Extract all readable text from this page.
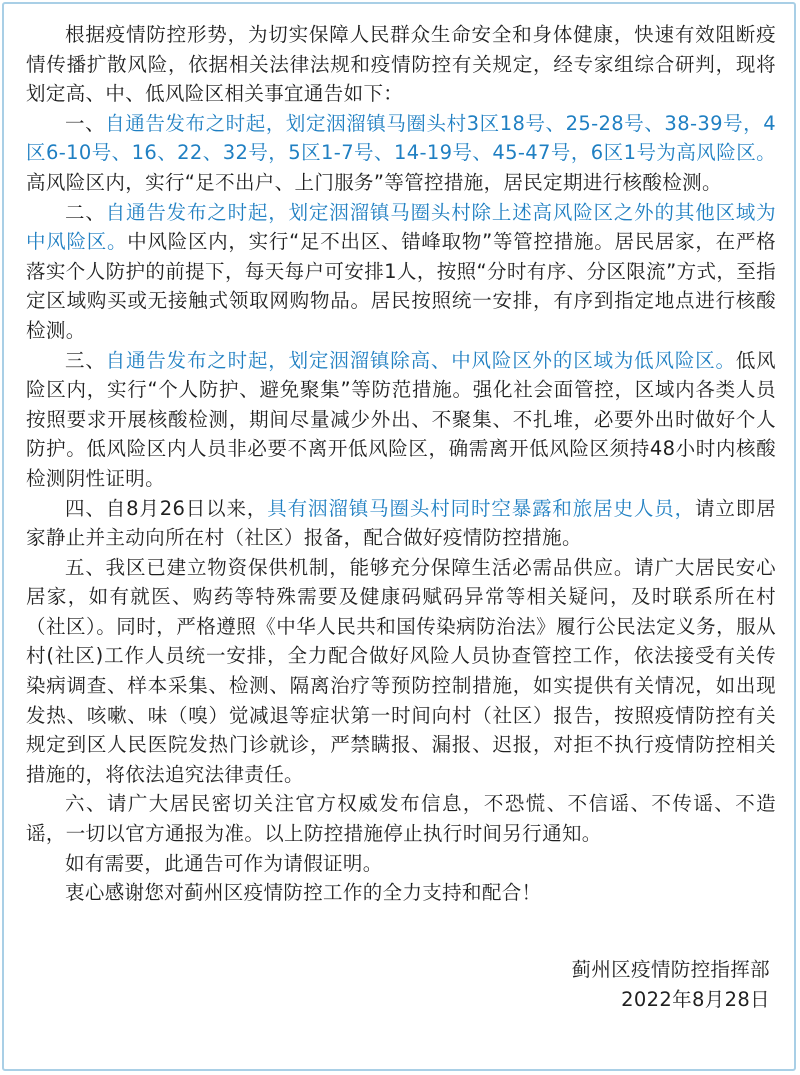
根据疫情防控形势，为切实保障人民群众生命安全和身体健康，快速有效阻断疫情传播扩散风险，依据相关法律法规和疫情防控有关规定，经专家组综合研判，现将划定高、中、低风险区相关事宜通告如下：

一、自通告发布之时起，划定洇溜镇马圈头村3区18号、25-28号、38-39号，4区6-10号、16、22、32号，5区1-7号、14-19号、45-47号，6区1号为高风险区。高风险区内，实行“足不出户、上门服务”等管控措施，居民定期进行核酸检测。

二、自通告发布之时起，划定洇溜镇马圈头村除上述高风险区之外的其他区域为中风险区。中风险区内，实行“足不出区、错峰取物”等管控措施。居民居家，在严格落实个人防护的前提下，每天每户可安排1人，按照“分时有序、分区限流”方式，至指定区域购买或无接触式领取网购物品。居民按照统一安排，有序到指定地点进行核酸检测。

三、自通告发布之时起，划定洇溜镇除高、中风险区外的区域为低风险区。低风险区内，实行“个人防护、避免聚集”等防范措施。强化社会面管控，区域内各类人员按照要求开展核酸检测，期间尽量减少外出、不聚集、不扎堆，必要外出时做好个人防护。低风险区内人员非必要不离开低风险区，确需离开低风险区须持48小时内核酸检测阴性证明。

四、自8月26日以来，具有洇溜镇马圈头村同时空暴露和旅居史人员，请立即居家静止并主动向所在村（社区）报备，配合做好疫情防控措施。

五、我区已建立物资保供机制，能够充分保障生活必需品供应。请广大居民安心居家，如有就医、购药等特殊需要及健康码赋码异常等相关疑问，及时联系所在村（社区）。同时，严格遵照《中华人民共和国传染病防治法》履行公民法定义务，服从村(社区)工作人员统一安排，全力配合做好风险人员协查管控工作，依法接受有关传染病调查、样本采集、检测、隔离治疗等预防控制措施，如实提供有关情况，如出现发热、咳嗽、味（嗅）觉减退等症状第一时间向村（社区）报告，按照疫情防控有关规定到区人民医院发热门诊就诊，严禁瞒报、漏报、迟报，对拒不执行疫情防控相关措施的，将依法追究法律责任。

六、请广大居民密切关注官方权威发布信息，不恐慌、不信谣、不传谣、不造谣，一切以官方通报为准。以上防控措施停止执行时间另行通知。

如有需要，此通告可作为请假证明。

衷心感谢您对蓟州区疫情防控工作的全力支持和配合！

蓟州区疫情防控指挥部
2022年8月28日
